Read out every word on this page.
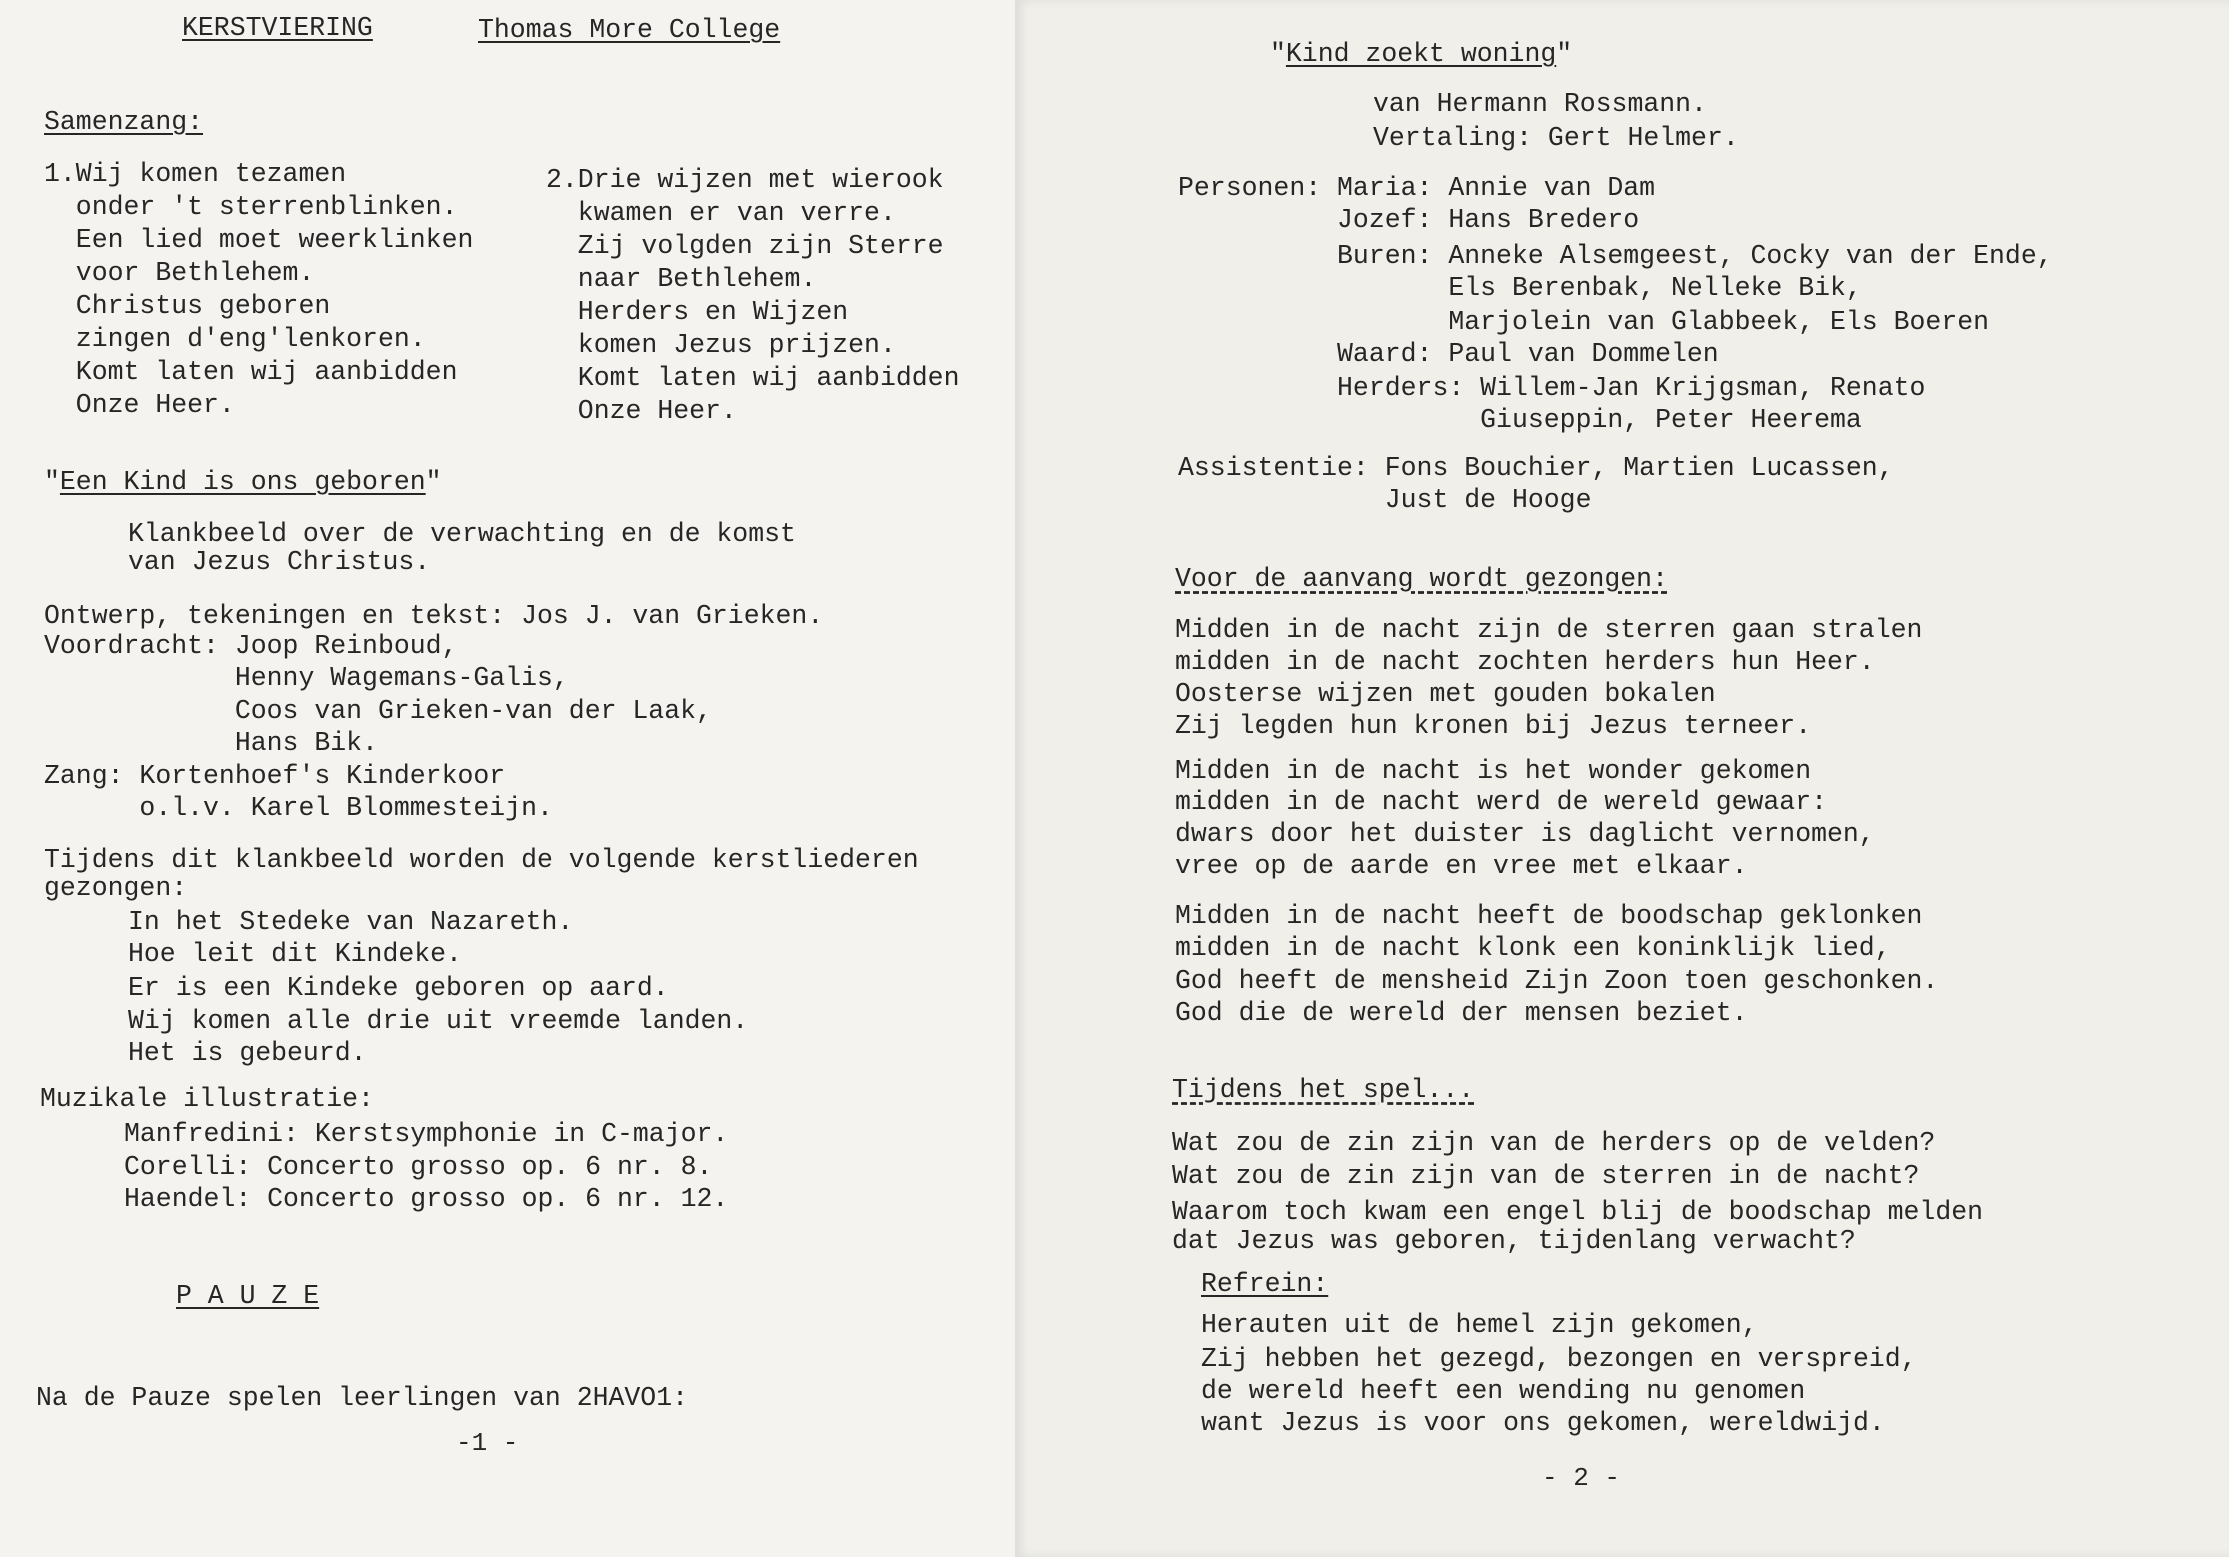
KERSTVIERING	Thomas More College
Samenzang:
1.Wij komen tezamen
onder 't sterrenblinken.
Een lied moet weerklinken
voor Bethlehem.
Christus geboren
zingen d'eng'lenkoren.
Komt laten wij aanbidden
Onze Heer.
2.Drie wijzen met wierook
kwamen er van verre.
Zij volgden zijn Sterre
naar Bethlehem.
Herders en Wijzen
komen Jezus prijzen.
Komt laten wij aanbidden
Onze Heer.
"Een Kind is ons geboren"
Klankbeeld over de verwachting en de komst
van Jezus Christus.
Ontwerp, tekeningen en tekst: Jos J. van Grieken.
Voordracht: Joop Reinboud,
Henny Wagemans-Galis,
Coos van Grieken-van der Laak,
Hans Bik.
Zang: Kortenhoef's Kinderkoor
o.l.v. Karel Blommesteijn.
Tijdens dit klankbeeld worden de volgende kerstliederen
gezongen:
In het Stedeke van Nazareth.
Hoe leit dit Kindeke.
Er is een Kindeke geboren op aard.
Wij komen alle drie uit vreemde landen.
Het is gebeurd.
Muzikale illustratie:
Manfredini: Kerstsymphonie in C-major.
Corelli: Concerto grosso op. 6 nr. 8.
Haendel: Concerto grosso op. 6 nr. 12.
P A U Z E
Na de Pauze spelen leerlingen van 2HAVO1:
-1 -
"Kind zoekt woning"
van Hermann Rossmann.
Vertaling: Gert Helmer.
Personen: Maria: Annie van Dam
Jozef: Hans Bredero
Buren: Anneke Alsemgeest, Cocky van der Ende,
Els Berenbak, Nelleke Bik,
Marjolein van Glabbeek, Els Boeren
Waard: Paul van Dommelen
Herders: Willem-Jan Krijgsman, Renato
Giuseppin, Peter Heerema
Assistentie: Fons Bouchier, Martien Lucassen,
Just de Hooge
Voor de aanvang wordt gezongen:
Midden in de nacht zijn de sterren gaan stralen
midden in de nacht zochten herders hun Heer.
Oosterse wijzen met gouden bokalen
Zij legden hun kronen bij Jezus terneer.
Midden in de nacht is het wonder gekomen
midden in de nacht werd de wereld gewaar:
dwars door het duister is daglicht vernomen,
vree op de aarde en vree met elkaar.
Midden in de nacht heeft de boodschap geklonken
midden in de nacht klonk een koninklijk lied,
God heeft de mensheid Zijn Zoon toen geschonken.
God die de wereld der mensen beziet.
Tijdens het spel...
Wat zou de zin zijn van de herders op de velden?
Wat zou de zin zijn van de sterren in de nacht?
Waarom toch kwam een engel blij de boodschap melden
dat Jezus was geboren, tijdenlang verwacht?
Refrein:
Herauten uit de hemel zijn gekomen,
Zij hebben het gezegd, bezongen en verspreid,
de wereld heeft een wending nu genomen
want Jezus is voor ons gekomen, wereldwijd.
- 2 -
